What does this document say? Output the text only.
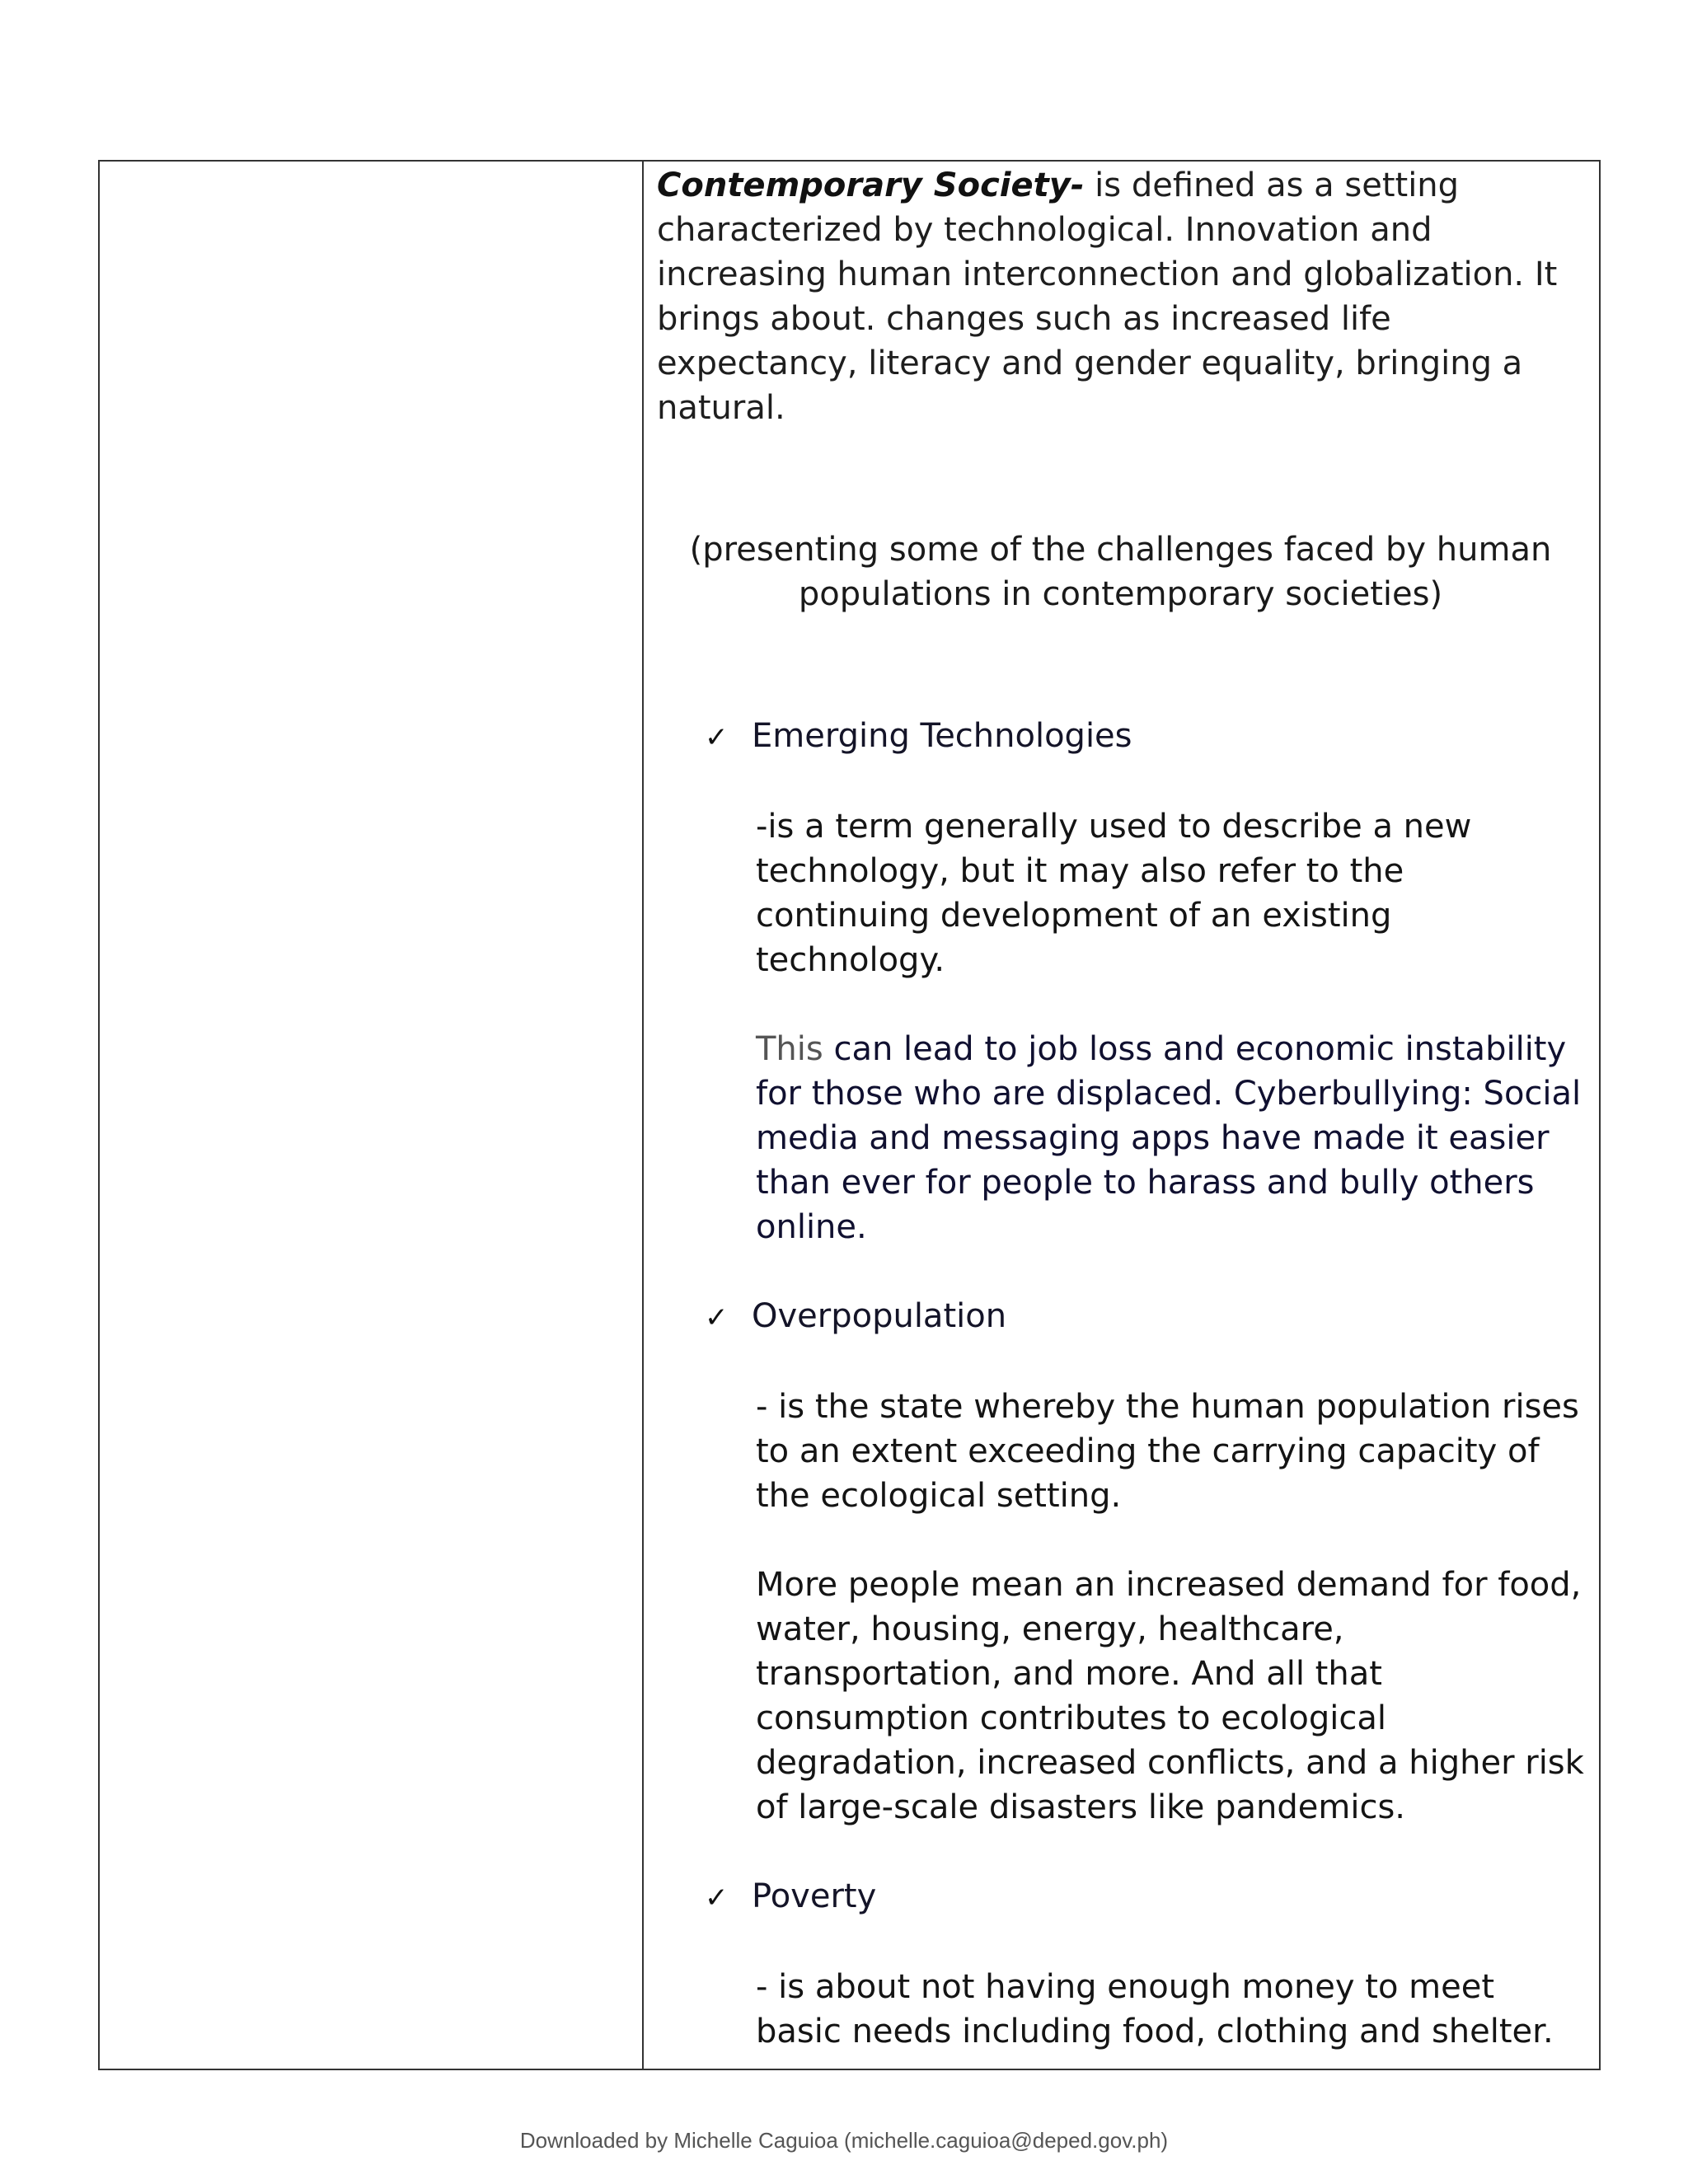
Contemporary Society- is defined as a setting characterized by technological. Innovation and increasing human interconnection and globalization. It brings about. changes such as increased life expectancy, literacy and gender equality, bringing a natural.

(presenting some of the challenges faced by human populations in contemporary societies)

✓ Emerging Technologies

-is a term generally used to describe a new technology, but it may also refer to the continuing development of an existing technology.

This can lead to job loss and economic instability for those who are displaced. Cyberbullying: Social media and messaging apps have made it easier than ever for people to harass and bully others online.

✓ Overpopulation

- is the state whereby the human population rises to an extent exceeding the carrying capacity of the ecological setting.

More people mean an increased demand for food, water, housing, energy, healthcare, transportation, and more. And all that consumption contributes to ecological degradation, increased conflicts, and a higher risk of large-scale disasters like pandemics.

✓ Poverty

- is about not having enough money to meet basic needs including food, clothing and shelter.

Downloaded by Michelle Caguioa (michelle.caguioa@deped.gov.ph)
